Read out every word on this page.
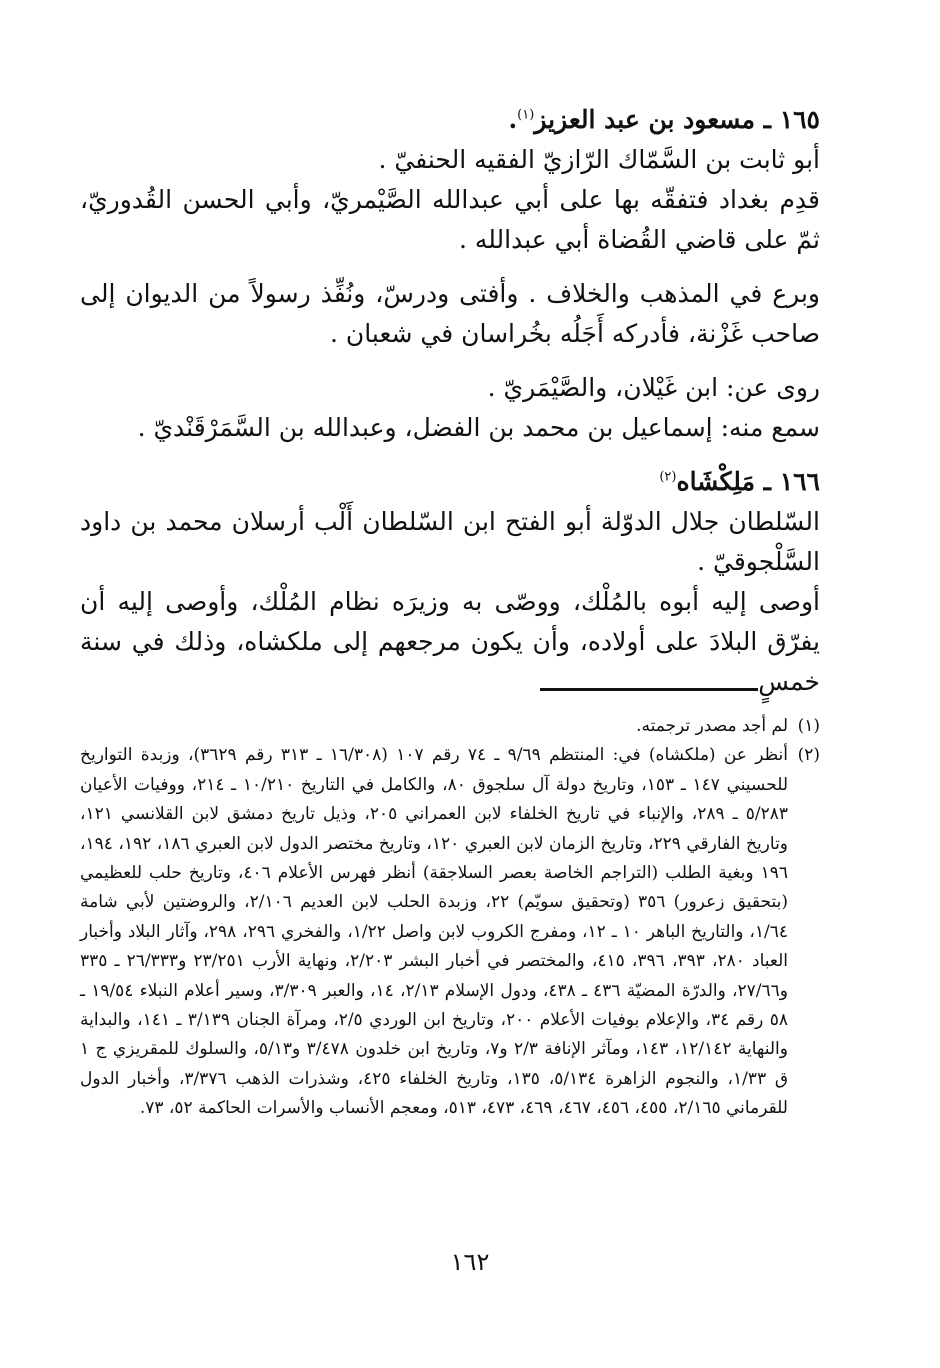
١٦٥ ـ مسعود بن عبد العزيز$^{(١)}$.

أبو ثابت بن السَّمّاك الرّازيّ الفقيه الحنفيّ .

قدِم بغداد فتفقّه بها على أبي عبدالله الصَّيْمريّ، وأبي الحسن القُدوريّ، ثمّ على قاضي القُضاة أبي عبدالله .

وبرع في المذهب والخلاف . وأفتى ودرسّ، ونُفِّذ رسولاً من الديوان إلى صاحب غَزْنة، فأدركه أَجَلُه بخُراسان في شعبان .

روى عن: ابن غَيْلان، والصَّيْمَريّ .

سمع منه: إسماعيل بن محمد بن الفضل، وعبدالله بن السَّمَرْقَنْديّ .

١٦٦ ـ مَلِكْشَاه$^{(٢)}$

السّلطان جلال الدوّلة أبو الفتح ابن السّلطان أَلْب أرسلان محمد بن داود السَّلْجوقيّ .

أوصى إليه أبوه بالمُلْك، ووصّى به وزيرَه نظام المُلْك، وأوصى إليه أن يفرّق البلادَ على أولاده، وأن يكون مرجعهم إلى ملكشاه، وذلك في سنة خمسٍ

(١)
لم أجد مصدر ترجمته.
(٢)
أنظر عن (ملكشاه) في: المنتظم ٩/٦٩ ـ ٧٤ رقم ١٠٧ (١٦/٣٠٨ ـ ٣١٣ رقم ٣٦٢٩)، وزبدة التواريخ للحسيني ١٤٧ ـ ١٥٣، وتاريخ دولة آل سلجوق ٨٠، والكامل في التاريخ ١٠/٢١٠ ـ ٢١٤، ووفيات الأعيان ٥/٢٨٣ ـ ٢٨٩، والإنباء في تاريخ الخلفاء لابن العمراني ٢٠٥، وذيل تاريخ دمشق لابن القلانسي ١٢١، وتاريخ الفارقي ٢٢٩، وتاريخ الزمان لابن العبري ١٢٠، وتاريخ مختصر الدول لابن العبري ١٨٦، ١٩٢، ١٩٤، ١٩٦ وبغية الطلب (التراجم الخاصة بعصر السلاجقة) أنظر فهرس الأعلام ٤٠٦، وتاريخ حلب للعظيمي (بتحقيق زعرور) ٣٥٦ (وتحقيق سويّم) ٢٢، وزبدة الحلب لابن العديم ٢/١٠٦، والروضتين لأبي شامة ١/٦٤، والتاريخ الباهر ١٠ ـ ١٢، ومفرج الكروب لابن واصل ١/٢٢، والفخري ٢٩٦، ٢٩٨، وآثار البلاد وأخبار العباد ٢٨٠، ٣٩٣، ٣٩٦، ٤١٥، والمختصر في أخبار البشر ٢/٢٠٣، ونهاية الأرب ٢٣/٢٥١ و٢٦/٣٣٣ ـ ٣٣٥ و٢٧/٦٦، والدرّة المضيّة ٤٣٦ ـ ٤٣٨، ودول الإسلام ٢/١٣، ١٤، والعبر ٣/٣٠٩، وسير أعلام النبلاء ١٩/٥٤ ـ ٥٨ رقم ٣٤، والإعلام بوفيات الأعلام ٢٠٠، وتاريخ ابن الوردي ٢/٥، ومرآة الجنان ٣/١٣٩ ـ ١٤١، والبداية والنهاية ١٢/١٤٢، ١٤٣، ومآثر الإنافة ٢/٣ و٧، وتاريخ ابن خلدون ٣/٤٧٨ و٥/١٣، والسلوك للمقريزي ج ١ ق ١/٣٣، والنجوم الزاهرة ٥/١٣٤، ١٣٥، وتاريخ الخلفاء ٤٢٥، وشذرات الذهب ٣/٣٧٦، وأخبار الدول للقرماني ٢/١٦٥، ٤٥٥، ٤٥٦، ٤٦٧، ٤٦٩، ٤٧٣، ٥١٣، ومعجم الأنساب والأسرات الحاكمة ٥٢، ٧٣.
١٦٢
